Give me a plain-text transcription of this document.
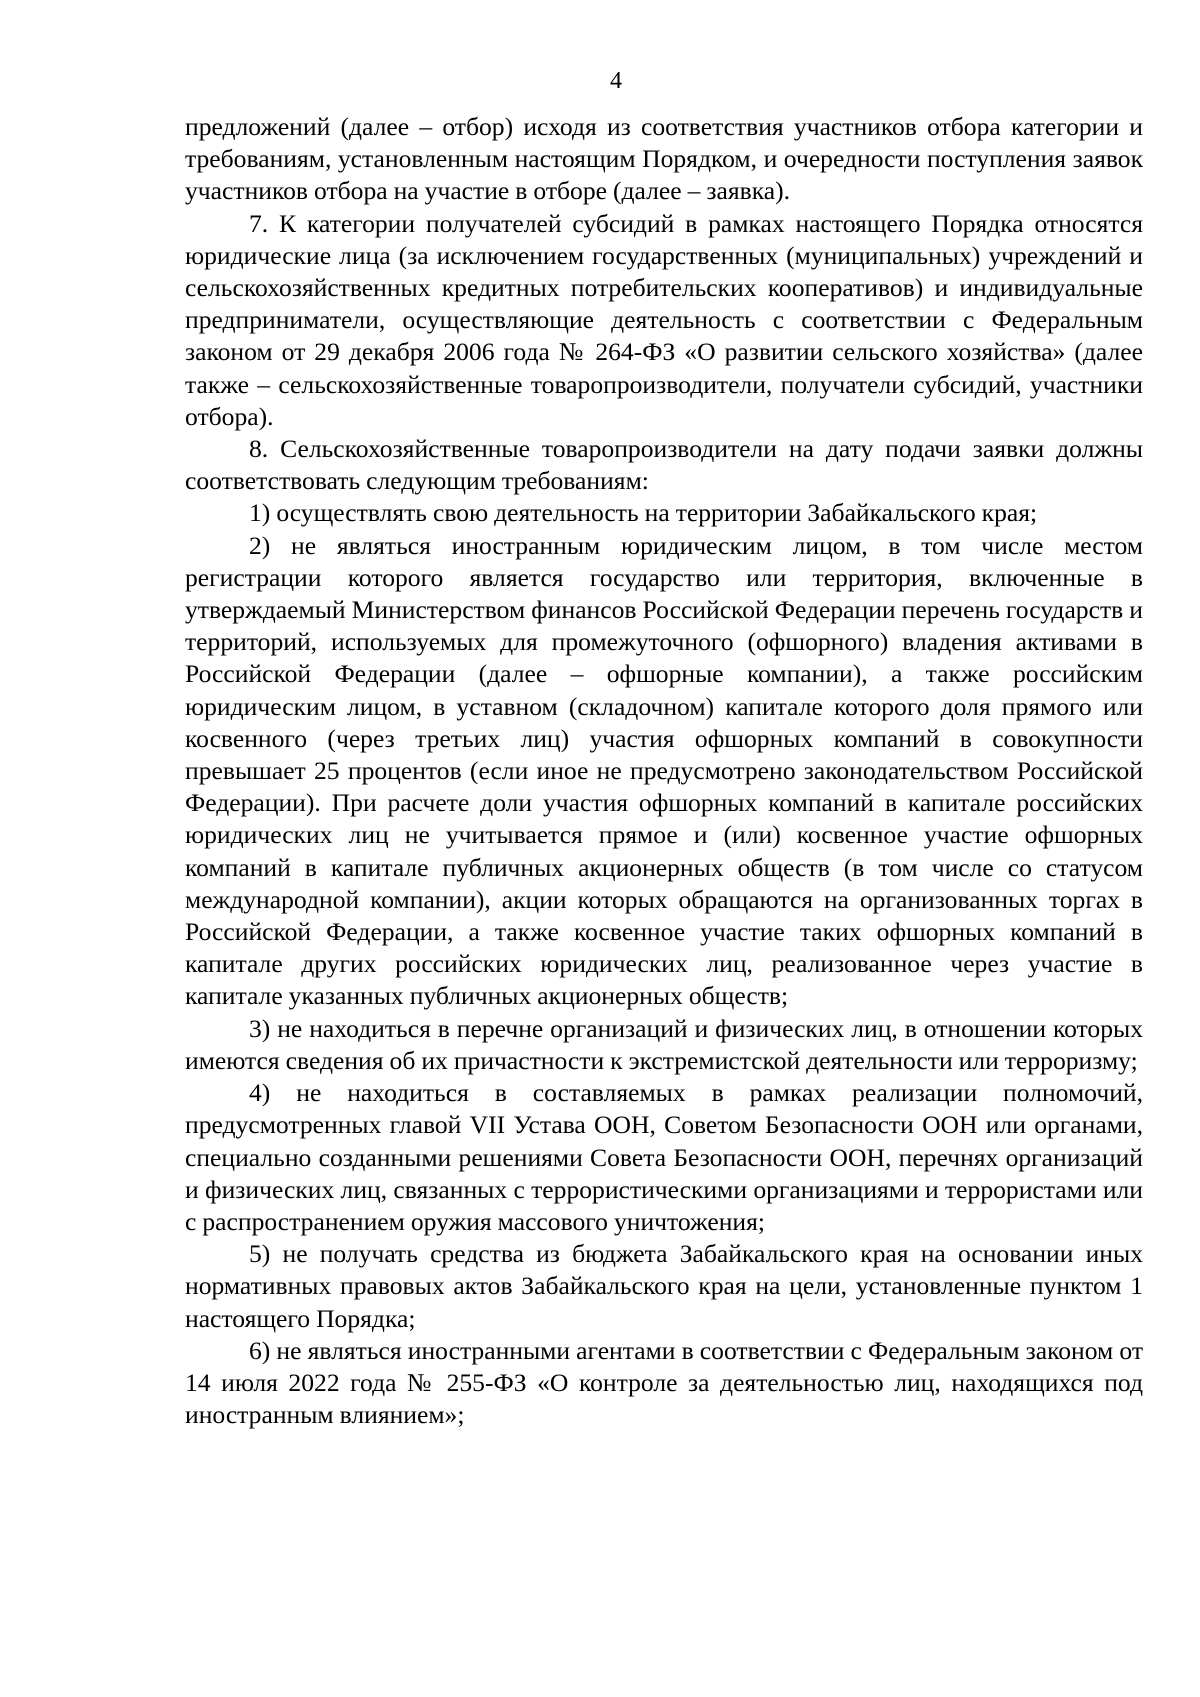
4

предложений (далее – отбор) исходя из соответствия участников отбора категории и требованиям, установленным настоящим Порядком, и очередности поступления заявок участников отбора на участие в отборе (далее – заявка).

7. К категории получателей субсидий в рамках настоящего Порядка относятся юридические лица (за исключением государственных (муниципальных) учреждений и сельскохозяйственных кредитных потребительских кооперативов) и индивидуальные предприниматели, осуществляющие деятельность с соответствии с Федеральным законом от 29 декабря 2006 года № 264-ФЗ «О развитии сельского хозяйства» (далее также – сельскохозяйственные товаропроизводители, получатели субсидий, участники отбора).

8. Сельскохозяйственные товаропроизводители на дату подачи заявки должны соответствовать следующим требованиям:

1) осуществлять свою деятельность на территории Забайкальского края;

2) не являться иностранным юридическим лицом, в том числе местом регистрации которого является государство или территория, включенные в утверждаемый Министерством финансов Российской Федерации перечень государств и территорий, используемых для промежуточного (офшорного) владения активами в Российской Федерации (далее – офшорные компании), а также российским юридическим лицом, в уставном (складочном) капитале которого доля прямого или косвенного (через третьих лиц) участия офшорных компаний в совокупности превышает 25 процентов (если иное не предусмотрено законодательством Российской Федерации). При расчете доли участия офшорных компаний в капитале российских юридических лиц не учитывается прямое и (или) косвенное участие офшорных компаний в капитале публичных акционерных обществ (в том числе со статусом международной компании), акции которых обращаются на организованных торгах в Российской Федерации, а также косвенное участие таких офшорных компаний в капитале других российских юридических лиц, реализованное через участие в капитале указанных публичных акционерных обществ;

3) не находиться в перечне организаций и физических лиц, в отношении которых имеются сведения об их причастности к экстремистской деятельности или терроризму;

4) не находиться в составляемых в рамках реализации полномочий, предусмотренных главой VII Устава ООН, Советом Безопасности ООН или органами, специально созданными решениями Совета Безопасности ООН, перечнях организаций и физических лиц, связанных с террористическими организациями и террористами или с распространением оружия массового уничтожения;

5) не получать средства из бюджета Забайкальского края на основании иных нормативных правовых актов Забайкальского края на цели, установленные пунктом 1 настоящего Порядка;

6) не являться иностранными агентами в соответствии с Федеральным законом от 14 июля 2022 года № 255-ФЗ «О контроле за деятельностью лиц, находящихся под иностранным влиянием»;
